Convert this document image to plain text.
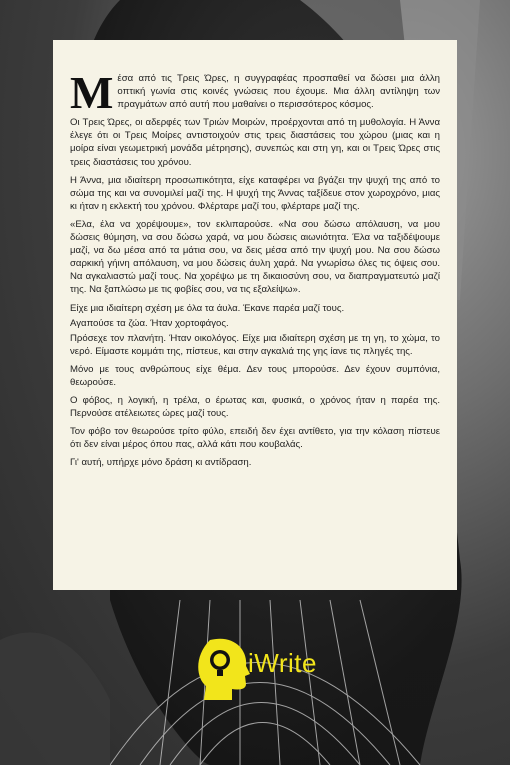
Μ έσα από τις Τρεις Ώρες, η συγγραφέας προσπαθεί να δώσει μια άλλη οπτική γωνία στις κοινές γνώσεις που έχουμε. Μια άλλη αντίληψη των πραγμάτων από αυτή που μαθαίνει ο περισσότερος κόσμος.

Οι Τρεις Ώρες, οι αδερφές των Τριών Μοιρών, προέρχονται από τη μυθολογία. Η Άννα έλεγε ότι οι Τρεις Μοίρες αντιστοιχούν στις τρεις διαστάσεις του χώρου (μιας και η μοίρα είναι γεωμετρική μονάδα μέτρησης), συνεπώς και στη γη, και οι Τρεις Ώρες στις τρεις διαστάσεις του χρόνου.

Η Άννα, μια ιδιαίτερη προσωπικότητα, είχε καταφέρει να βγάζει την ψυχή της από το σώμα της και να συνομιλεί μαζί της. Η ψυχή της Άννας ταξίδευε στον χωροχρόνο, μιας κι ήταν η εκλεκτή του χρόνου. Φλέρταρε μαζί του, φλέρταρε μαζί της.

«Ελα, έλα να χορέψουμε», τον εκλιπαρούσε. «Να σου δώσω απόλαυση, να μου δώσεις θύμηση, να σου δώσω χαρά, να μου δώσεις αιωνιότητα. Έλα να ταξιδέψουμε μαζί, να δω μέσα από τα μάτια σου, να δεις μέσα από την ψυχή μου. Να σου δώσω σαρκική γήινη απόλαυση, να μου δώσεις άυλη χαρά. Να γνωρίσω όλες τις όψεις σου. Να αγκαλιαστώ μαζί τους. Να χορέψω με τη δικαιοσύνη σου, να διαπραγματευτώ μαζί της. Να ξαπλώσω με τις φοβίες σου, να τις εξαλείψω».

Είχε μια ιδιαίτερη σχέση με όλα τα άυλα. Έκανε παρέα μαζί τους.

Αγαπούσε τα ζώα. Ήταν χορτοφάγος.

Πρόσεχε τον πλανήτη. Ήταν οικολόγος. Είχε μια ιδιαίτερη σχέση με τη γη, το χώμα, το νερό. Είμαστε κομμάτι της, πίστευε, και στην αγκαλιά της γης ίανε τις πληγές της.

Μόνο με τους ανθρώπους είχε θέμα. Δεν τους μπορούσε. Δεν έχουν συμπόνια, θεωρούσε.

Ο φόβος, η λογική, η τρέλα, ο έρωτας και, φυσικά, ο χρόνος ήταν η παρέα της. Περνούσε ατέλειωτες ώρες μαζί τους.

Τον φόβο τον θεωρούσε τρίτο φύλο, επειδή δεν έχει αντίθετο, για την κόλαση πίστευε ότι δεν είναι μέρος όπου πας, αλλά κάτι που κουβαλάς.

Γι' αυτή, υπήρχε μόνο δράση κι αντίδραση.

iWrite
